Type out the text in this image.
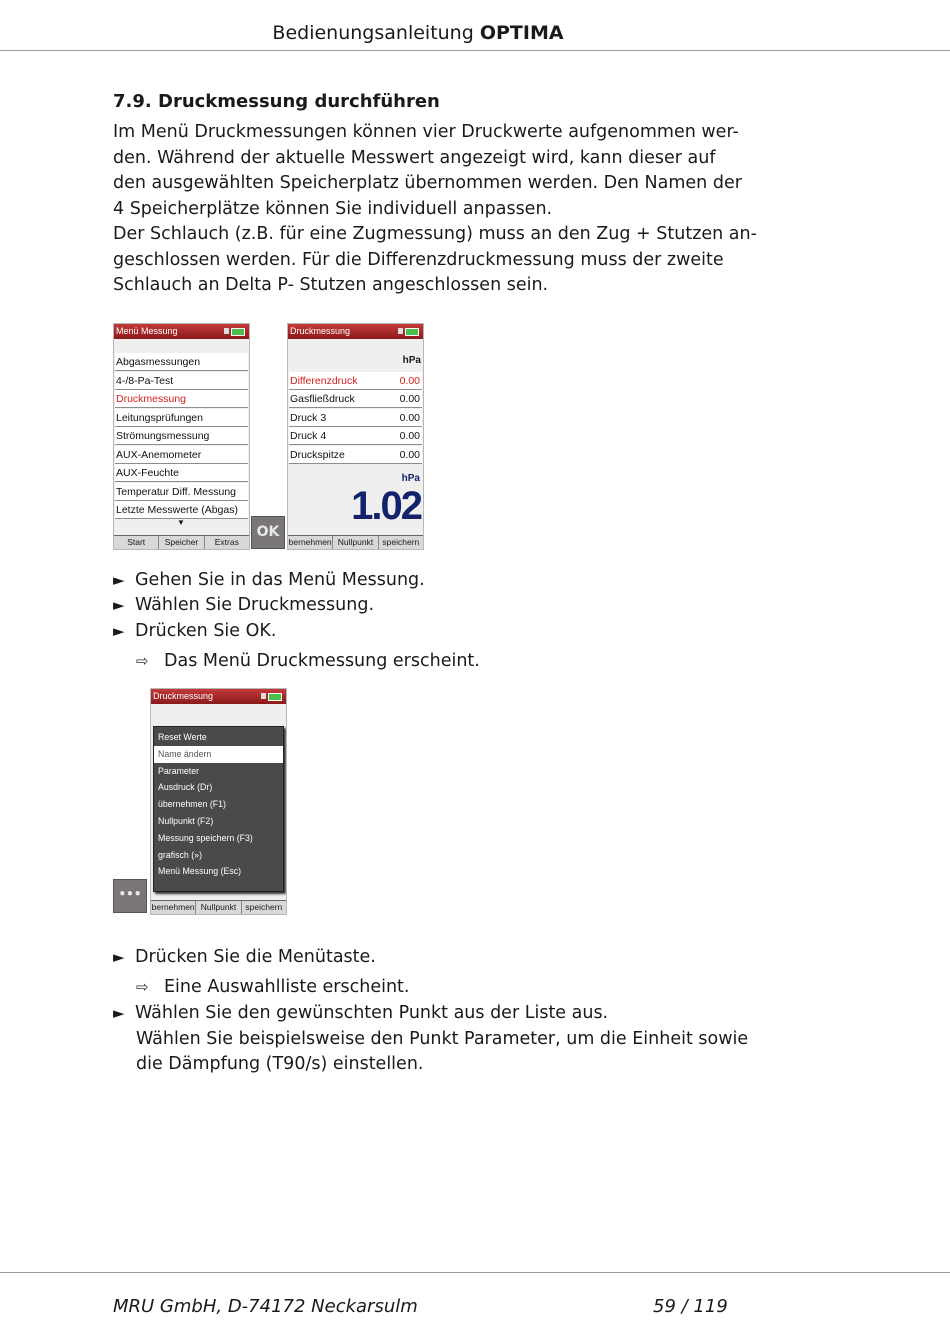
Bedienungsanleitung OPTIMA
7.9. Druckmessung durchführen
Im Menü Druckmessungen können vier Druckwerte aufgenommen wer-
den. Während der aktuelle Messwert angezeigt wird, kann dieser auf
den ausgewählten Speicherplatz übernommen werden. Den Namen der
4 Speicherplätze können Sie individuell anpassen.
Der Schlauch (z.B. für eine Zugmessung) muss an den Zug + Stutzen an-
geschlossen werden. Für die Differenzdruckmessung muss der zweite
Schlauch an Delta P- Stutzen angeschlossen sein.
Menü Messung
Abgasmessungen
4-/8-Pa-Test
Druckmessung
Leitungsprüfungen
Strömungsmessung
AUX-Anemometer
AUX-Feuchte
Temperatur Diff. Messung
Letzte Messwerte (Abgas)
▼
Start	Speicher	Extras
OK
Druckmessung
hPa
Differenzdruck	0.00
Gasfließdruck	0.00
Druck 3	0.00
Druck 4	0.00
Druckspitze	0.00
hPa
1.02
bernehmen Nullpunkt	speichern
► Gehen Sie in das Menü Messung.
► Wählen Sie Druckmessung.
► Drücken Sie OK.
⇨ Das Menü Druckmessung erscheint.
•••
Druckmessung
Reset Werte
Name ändern
Parameter
Ausdruck (Dr)
übernehmen (F1)
Nullpunkt (F2)
Messung speichern (F3)
grafisch (»)
Menü Messung (Esc)
bernehmen Nullpunkt	speichern
► Drücken Sie die Menütaste.
⇨ Eine Auswahlliste erscheint.
► Wählen Sie den gewünschten Punkt aus der Liste aus.
Wählen Sie beispielsweise den Punkt Parameter, um die Einheit sowie
die Dämpfung (T90/s) einstellen.
MRU GmbH, D-74172 Neckarsulm	59 / 119
